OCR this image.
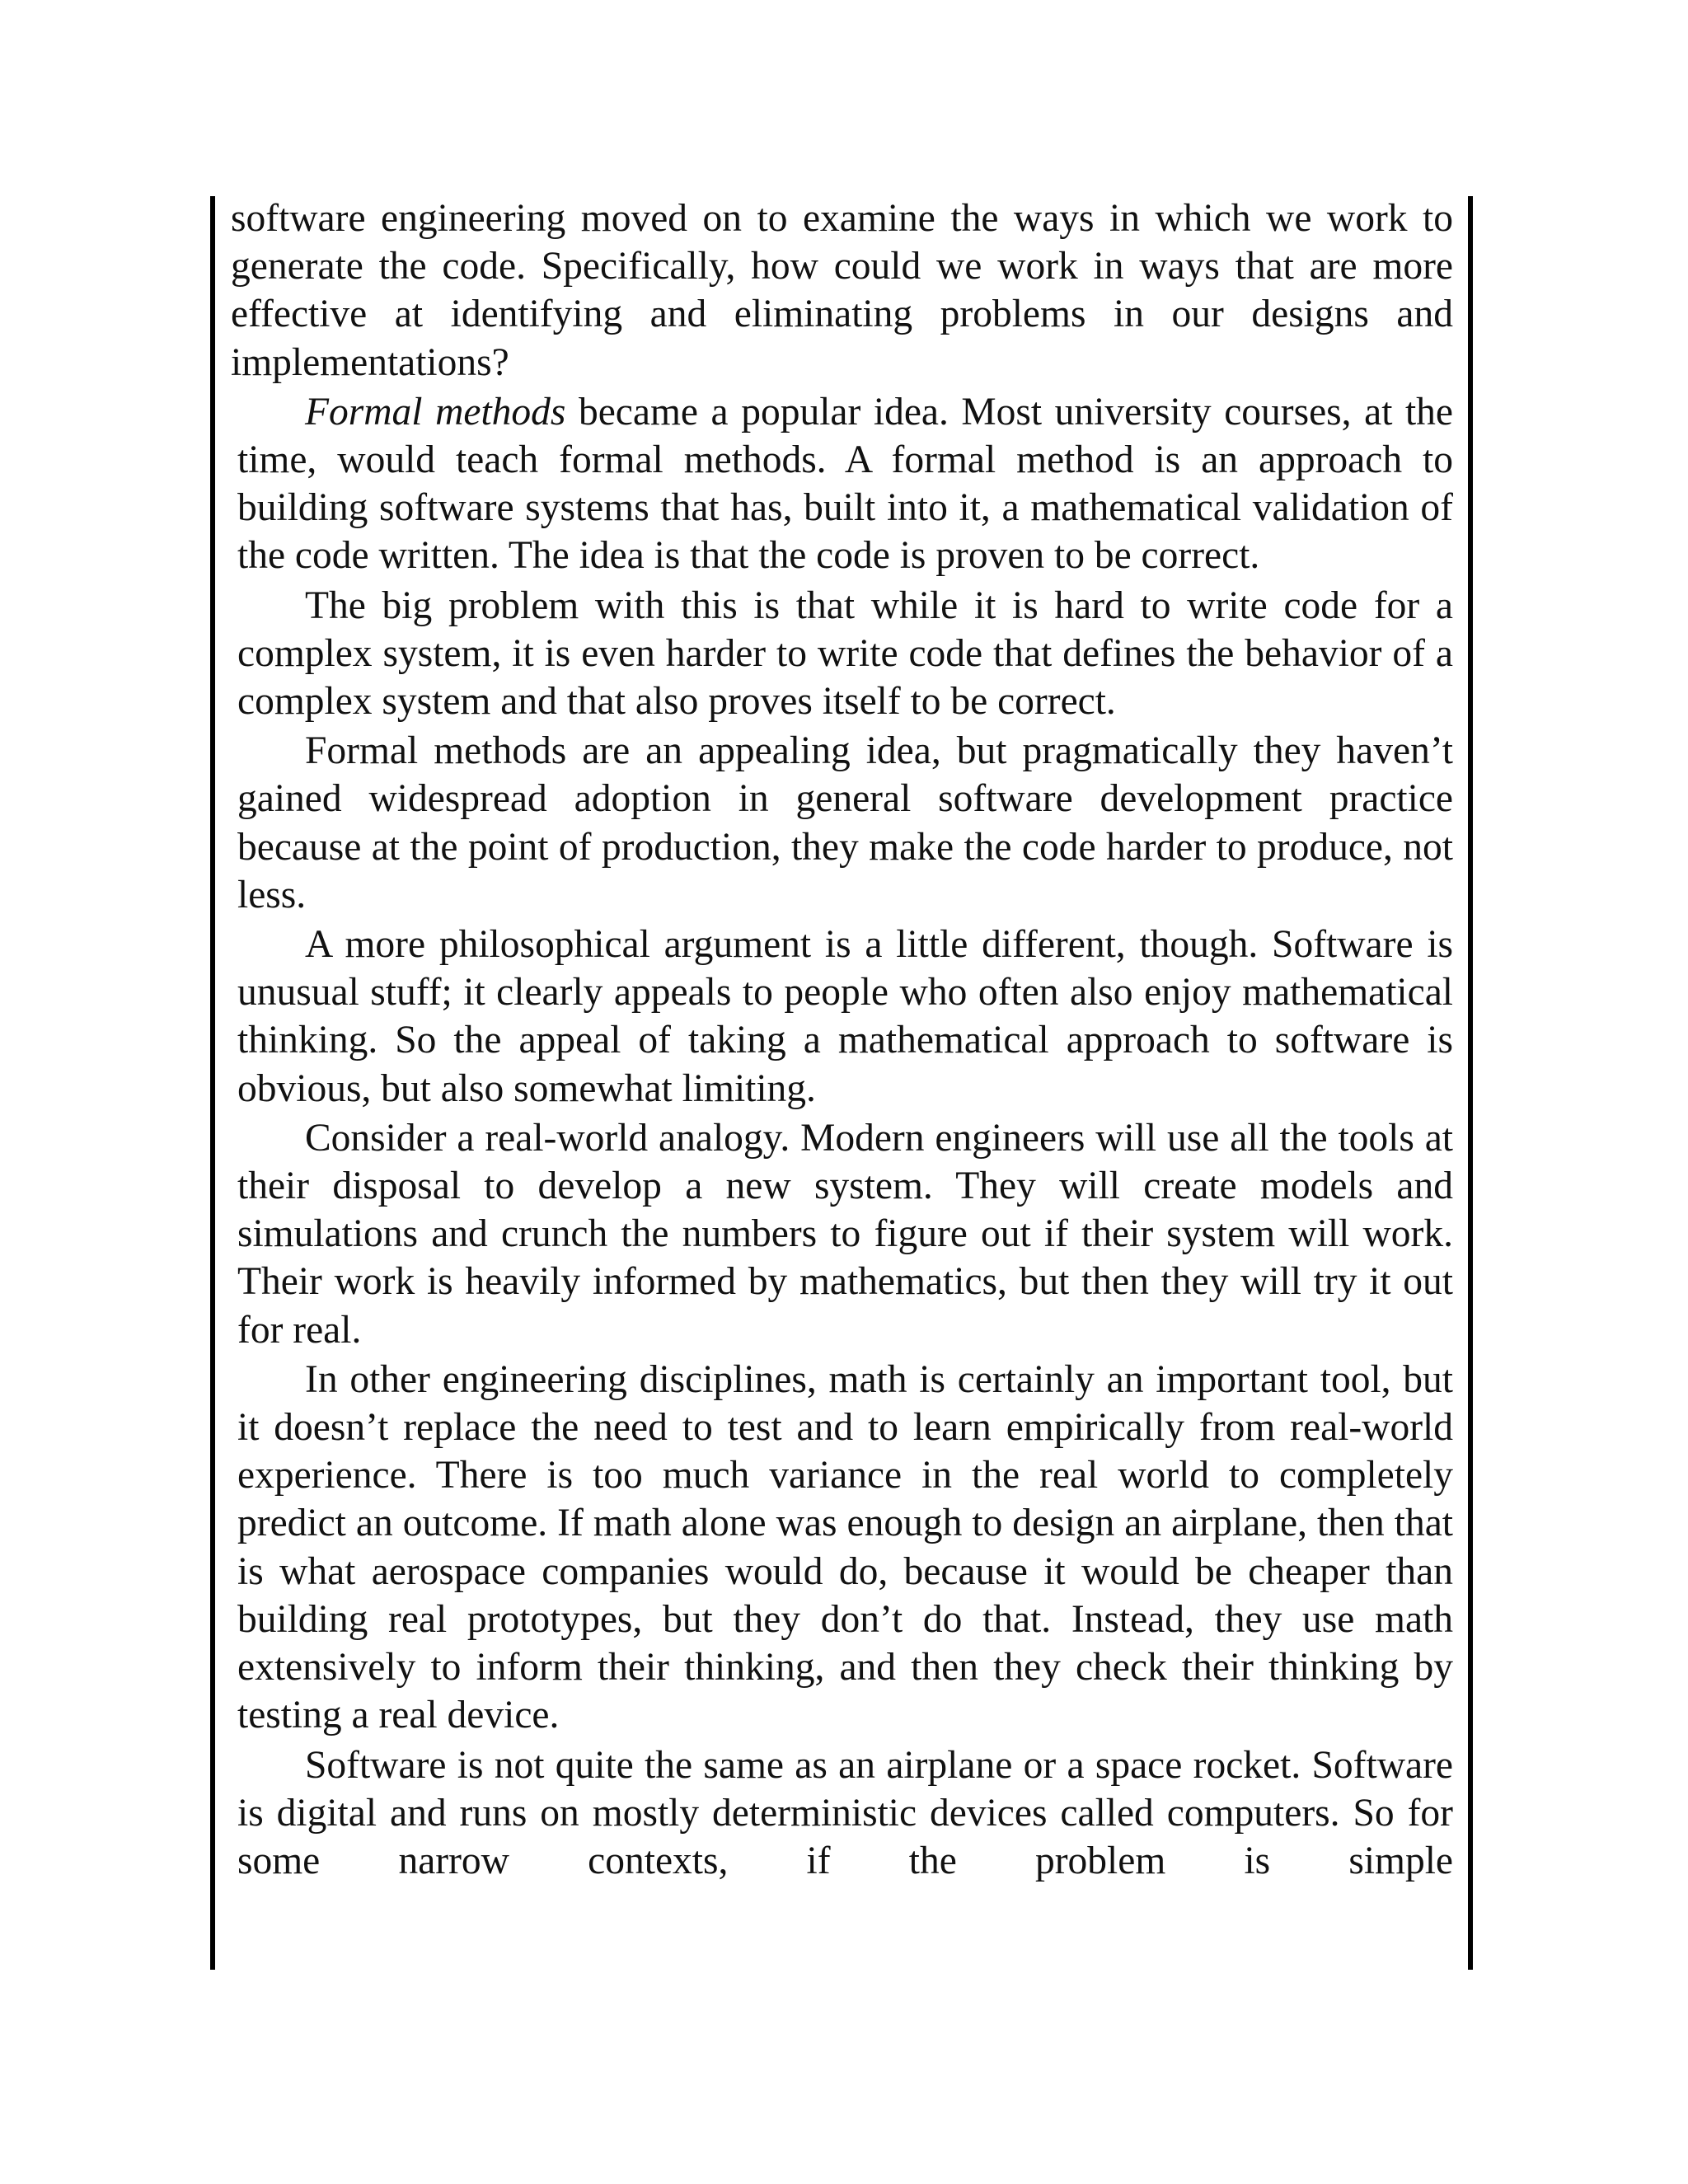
software engineering moved on to examine the ways in which we work to generate the code. Specifically, how could we work in ways that are more effective at identifying and eliminating problems in our designs and implementations?

Formal methods became a popular idea. Most university courses, at the time, would teach formal methods. A formal method is an approach to building software systems that has, built into it, a mathematical validation of the code written. The idea is that the code is proven to be correct.

The big problem with this is that while it is hard to write code for a complex system, it is even harder to write code that defines the behavior of a complex system and that also proves itself to be correct.

Formal methods are an appealing idea, but pragmatically they haven’t gained widespread adoption in general software development practice because at the point of production, they make the code harder to produce, not less.

A more philosophical argument is a little different, though. Software is unusual stuff; it clearly appeals to people who often also enjoy mathematical thinking. So the appeal of taking a mathematical approach to software is obvious, but also somewhat limiting.

Consider a real-world analogy. Modern engineers will use all the tools at their disposal to develop a new system. They will create models and simulations and crunch the numbers to figure out if their system will work. Their work is heavily informed by mathematics, but then they will try it out for real.

In other engineering disciplines, math is certainly an important tool, but it doesn’t replace the need to test and to learn empirically from real-world experience. There is too much variance in the real world to completely predict an outcome. If math alone was enough to design an airplane, then that is what aerospace companies would do, because it would be cheaper than building real prototypes, but they don’t do that. Instead, they use math extensively to inform their thinking, and then they check their thinking by testing a real device.

Software is not quite the same as an airplane or a space rocket. Software is digital and runs on mostly deterministic devices called computers. So for some narrow contexts, if the problem is simple
